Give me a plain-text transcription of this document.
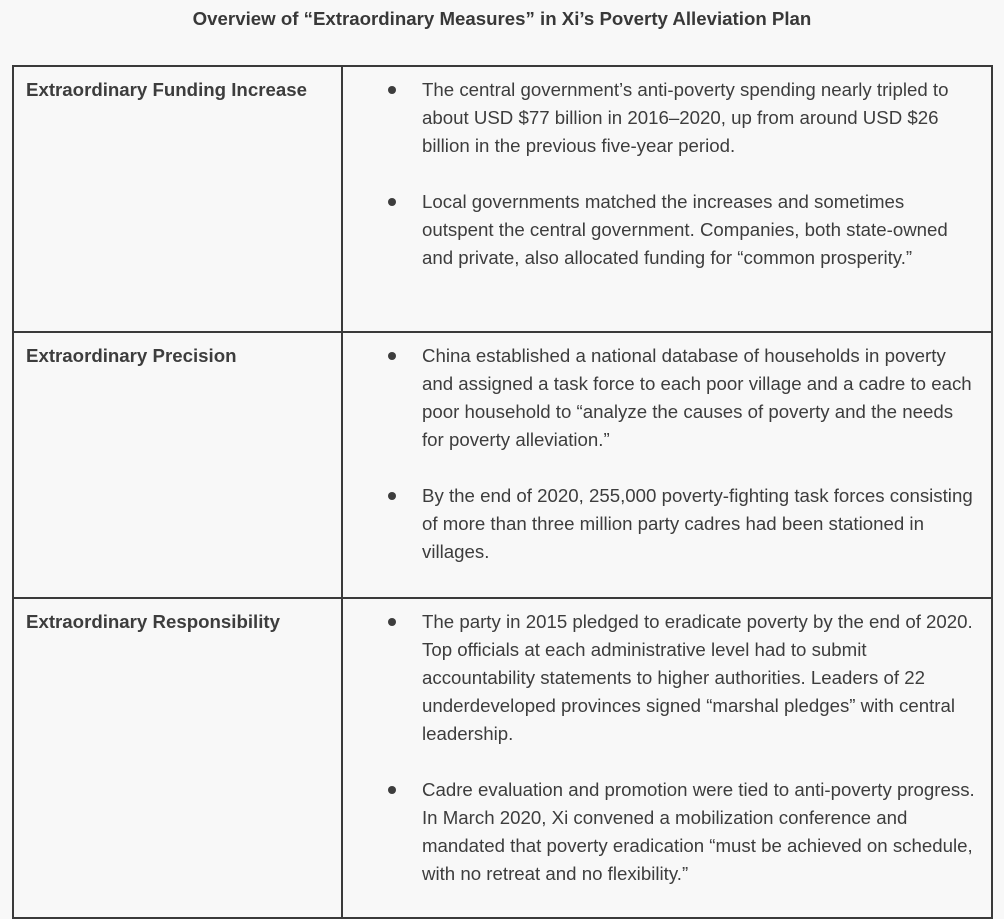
Overview of “Extraordinary Measures” in Xi’s Poverty Alleviation Plan
Extraordinary Funding Increase	The central government’s anti-poverty spending nearly tripled to about USD $77 billion in 2016–2020, up from around USD $26 billion in the previous five-year period.
Local governments matched the increases and sometimes outspent the central government. Companies, both state-owned and private, also allocated funding for “common prosperity.”

Extraordinary Precision	China established a national database of households in poverty and assigned a task force to each poor village and a cadre to each poor household to “analyze the causes of poverty and the needs for poverty alleviation.”
By the end of 2020, 255,000 poverty-fighting task forces consisting of more than three million party cadres had been stationed in villages.

Extraordinary Responsibility	The party in 2015 pledged to eradicate poverty by the end of 2020. Top officials at each administrative level had to submit accountability statements to higher authorities. Leaders of 22 underdeveloped provinces signed “marshal pledges” with central leadership.
Cadre evaluation and promotion were tied to anti-poverty progress. In March 2020, Xi convened a mobilization conference and mandated that poverty eradication “must be achieved on schedule, with no retreat and no flexibility.”
